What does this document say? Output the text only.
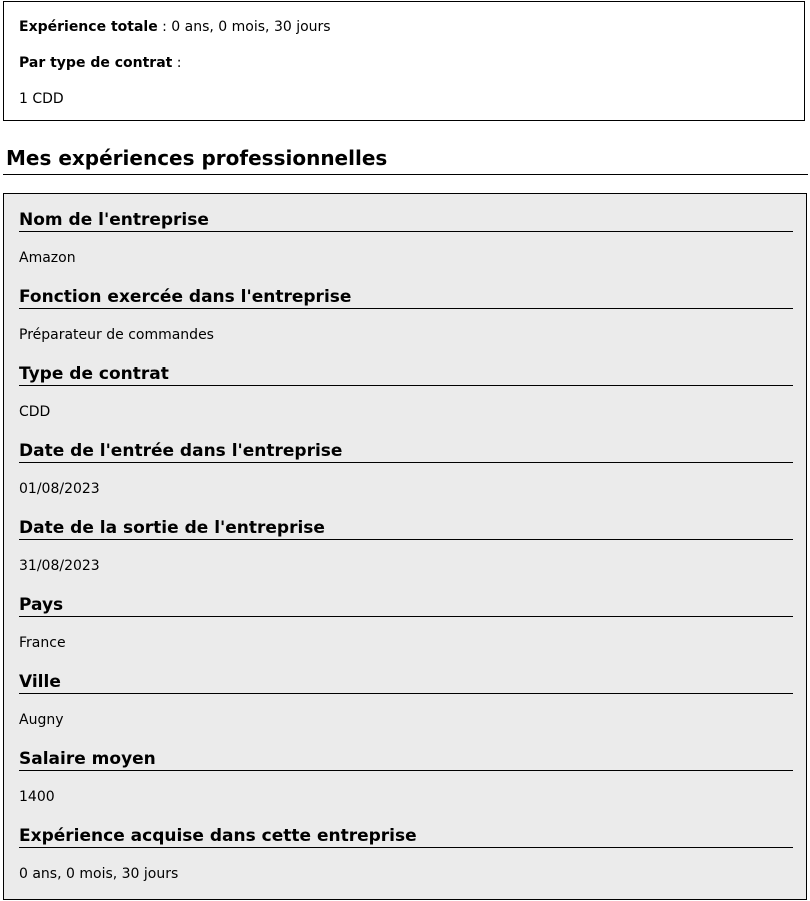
Expérience totale : 0 ans, 0 mois, 30 jours
Par type de contrat :
1 CDD
Mes expériences professionnelles
Nom de l'entreprise
Amazon
Fonction exercée dans l'entreprise
Préparateur de commandes
Type de contrat
CDD
Date de l'entrée dans l'entreprise
01/08/2023
Date de la sortie de l'entreprise
31/08/2023
Pays
France
Ville
Augny
Salaire moyen
1400
Expérience acquise dans cette entreprise
0 ans, 0 mois, 30 jours
